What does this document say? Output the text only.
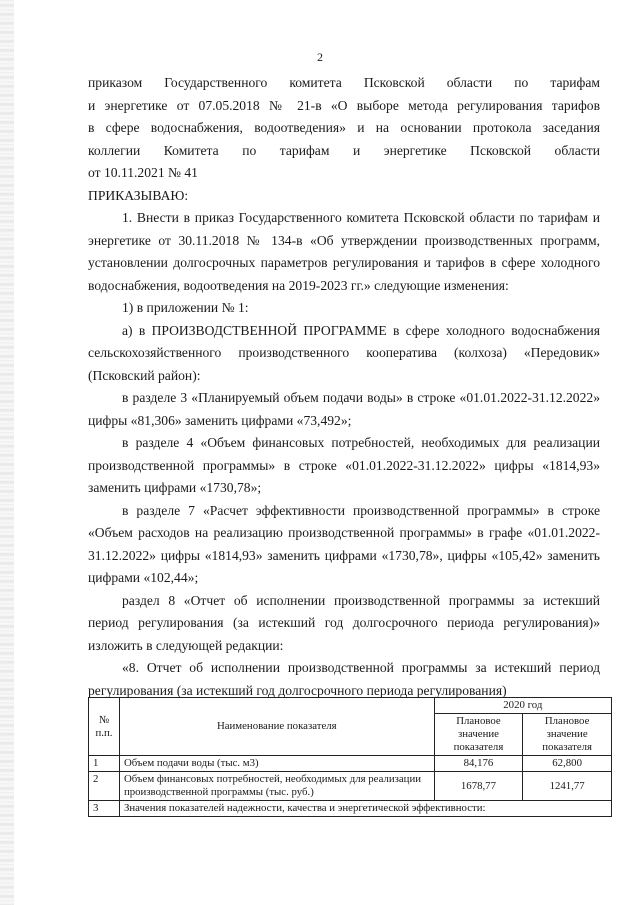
2

приказом Государственного комитета Псковской области по тарифам

и энергетике от 07.05.2018 № 21-в «О выборе метода регулирования тарифов

в сфере водоснабжения, водоотведения» и на основании протокола заседания

коллегии Комитета по тарифам и энергетике Псковской области

от 10.11.2021 № 41

ПРИКАЗЫВАЮ:

1. Внести в приказ Государственного комитета Псковской области по тарифам и энергетике от 30.11.2018 № 134-в «Об утверждении производственных программ, установлении долгосрочных параметров регулирования и тарифов в сфере холодного водоснабжения, водоотведения на 2019-2023 гг.» следующие изменения:

1) в приложении № 1:

а) в ПРОИЗВОДСТВЕННОЙ ПРОГРАММЕ в сфере холодного водоснабжения сельскохозяйственного производственного кооператива (колхоза) «Передовик» (Псковский район):

в разделе 3 «Планируемый объем подачи воды» в строке «01.01.2022-31.12.2022» цифры «81,306» заменить цифрами «73,492»;

в разделе 4 «Объем финансовых потребностей, необходимых для реализации производственной программы» в строке «01.01.2022-31.12.2022» цифры «1814,93» заменить цифрами «1730,78»;

в разделе 7 «Расчет эффективности производственной программы» в строке «Объем расходов на реализацию производственной программы» в графе «01.01.2022-31.12.2022» цифры «1814,93» заменить цифрами «1730,78», цифры «105,42» заменить цифрами «102,44»;

раздел 8 «Отчет об исполнении производственной программы за истекший период регулирования (за истекший год долгосрочного периода регулирования)» изложить в следующей редакции:

«8. Отчет об исполнении производственной программы за истекший период регулирования (за истекший год долгосрочного периода регулирования)

№ п.п.	Наименование показателя	2020 год	
		Плановое значение показателя	Плановое значение показателя
1	Объем подачи воды (тыс. м3)	84,176	62,800
2	Объем финансовых потребностей, необходимых для реализации производственной программы (тыс. руб.)	1678,77	1241,77
3	Значения показателей надежности, качества и энергетической эффективности:		
